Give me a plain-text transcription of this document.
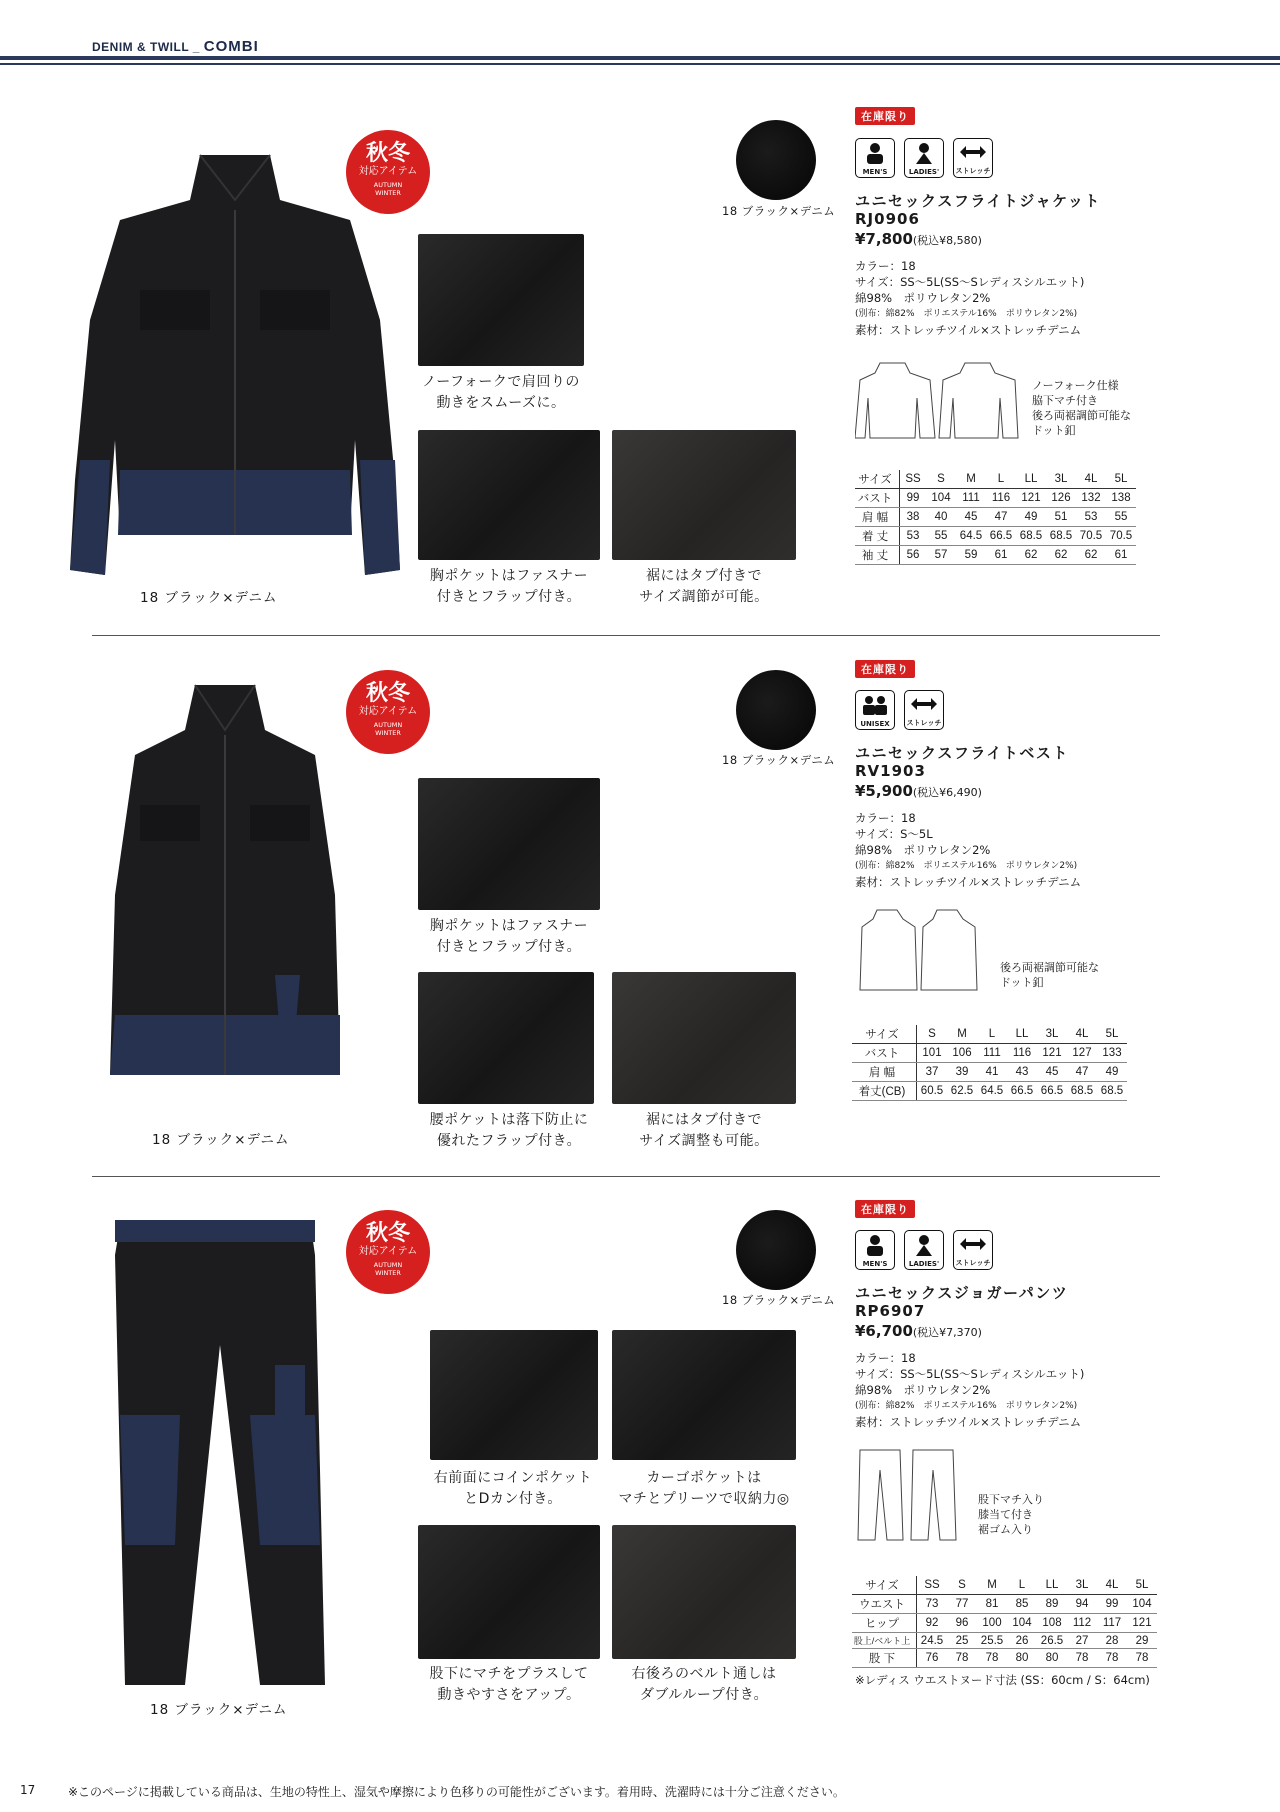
DENIM & TWILL _ COMBI
18 ブラック×デニム
秋冬
対応アイテム
AUTUMN
WINTER
ノーフォークで肩回りの
動きをスムーズに。
胸ポケットはファスナー
付きとフラップ付き。
裾にはタブ付きで
サイズ調節が可能。
18 ブラック×デニム
在庫限り
MEN'S	LADIES'	ストレッチ
ユニセックスフライトジャケット
RJ0906
¥7,800(税込¥8,580)
カラー：18
サイズ：SS〜5L(SS〜Sレディスシルエット)
綿98%　ポリウレタン2%
(別布：綿82%　ポリエステル16%　ポリウレタン2%)
素材：ストレッチツイル×ストレッチデニム
ノーフォーク仕様
脇下マチ付き
後ろ両裾調節可能な
ドット釦
サイズ	SS	S	M	L	LL	3L	4L	5L
バスト	99	104	111	116	121	126	132	138
肩 幅	38	40	45	47	49	51	53	55
着 丈	53	55	64.5	66.5	68.5	68.5	70.5	70.5
袖 丈	56	57	59	61	62	62	62	61
18 ブラック×デニム
秋冬
対応アイテム
AUTUMN
WINTER
胸ポケットはファスナー
付きとフラップ付き。
腰ポケットは落下防止に
優れたフラップ付き。
裾にはタブ付きで
サイズ調整も可能。
18 ブラック×デニム
在庫限り
UNISEX	ストレッチ
ユニセックスフライトベスト
RV1903
¥5,900(税込¥6,490)
カラー：18
サイズ：S〜5L
綿98%　ポリウレタン2%
(別布：綿82%　ポリエステル16%　ポリウレタン2%)
素材：ストレッチツイル×ストレッチデニム
後ろ両裾調節可能な
ドット釦
サイズ	S	M	L	LL	3L	4L	5L
バスト	101	106	111	116	121	127	133
肩 幅	37	39	41	43	45	47	49
着丈(CB)	60.5	62.5	64.5	66.5	66.5	68.5	68.5
18 ブラック×デニム
秋冬
対応アイテム
AUTUMN
WINTER
右前面にコインポケット
とDカン付き。
カーゴポケットは
マチとプリーツで収納力◎
股下にマチをプラスして
動きやすさをアップ。
右後ろのベルト通しは
ダブルループ付き。
18 ブラック×デニム
在庫限り
MEN'S	LADIES'	ストレッチ
ユニセックスジョガーパンツ
RP6907
¥6,700(税込¥7,370)
カラー：18
サイズ：SS〜5L(SS〜Sレディスシルエット)
綿98%　ポリウレタン2%
(別布：綿82%　ポリエステル16%　ポリウレタン2%)
素材：ストレッチツイル×ストレッチデニム
股下マチ入り
膝当て付き
裾ゴム入り
サイズ	SS	S	M	L	LL	3L	4L	5L
ウエスト	73	77	81	85	89	94	99	104
ヒップ	92	96	100	104	108	112	117	121
股上/ベルト上	24.5	25	25.5	26	26.5	27	28	29
股 下	76	78	78	80	80	78	78	78
※レディス ウエストヌード寸法 (SS：60cm / S：64cm)
17	※このページに掲載している商品は、生地の特性上、湿気や摩擦により色移りの可能性がございます。着用時、洗濯時には十分ご注意ください。
